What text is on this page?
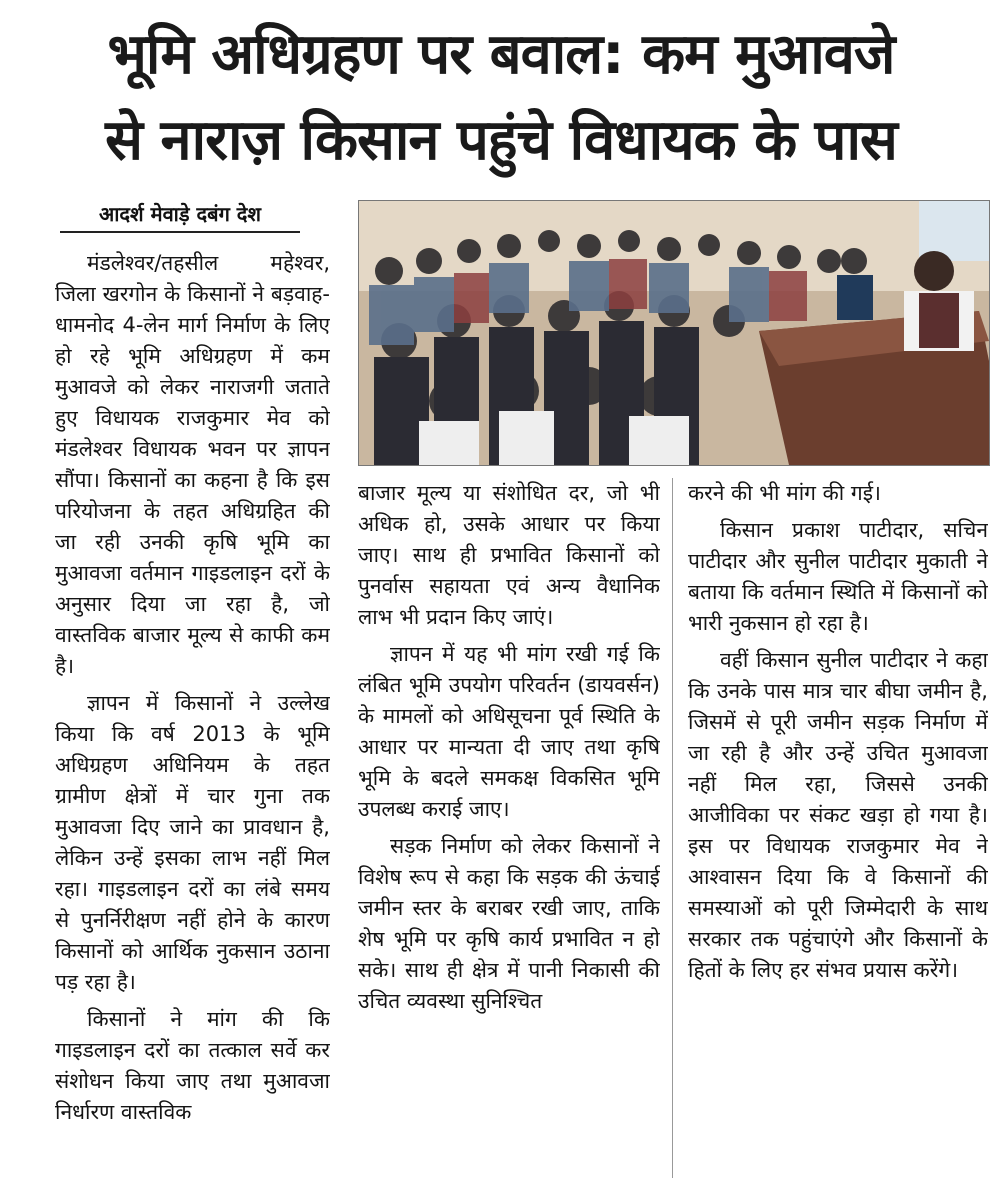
भूमि अधिग्रहण पर बवाल: कम मुआवजे
से नाराज़ किसान पहुंचे विधायक के पास
आदर्श मेवाड़े दबंग देश

मंडलेश्वर/तहसील महेश्वर, जिला खरगोन के किसानों ने बड़वाह-धामनोद 4-लेन मार्ग निर्माण के लिए हो रहे भूमि अधिग्रहण में कम मुआवजे को लेकर नाराजगी जताते हुए विधायक राजकुमार मेव को मंडलेश्वर विधायक भवन पर ज्ञापन सौंपा। किसानों का कहना है कि इस परियोजना के तहत अधिग्रहित की जा रही उनकी कृषि भूमि का मुआवजा वर्तमान गाइडलाइन दरों के अनुसार दिया जा रहा है, जो वास्तविक बाजार मूल्य से काफी कम है।

ज्ञापन में किसानों ने उल्लेख किया कि वर्ष 2013 के भूमि अधिग्रहण अधिनियम के तहत ग्रामीण क्षेत्रों में चार गुना तक मुआवजा दिए जाने का प्रावधान है, लेकिन उन्हें इसका लाभ नहीं मिल रहा। गाइडलाइन दरों का लंबे समय से पुनर्निरीक्षण नहीं होने के कारण किसानों को आर्थिक नुकसान उठाना पड़ रहा है।

किसानों ने मांग की कि गाइडलाइन दरों का तत्काल सर्वे कर संशोधन किया जाए तथा मुआवजा निर्धारण वास्तविक

बाजार मूल्य या संशोधित दर, जो भी अधिक हो, उसके आधार पर किया जाए। साथ ही प्रभावित किसानों को पुनर्वास सहायता एवं अन्य वैधानिक लाभ भी प्रदान किए जाएं।

ज्ञापन में यह भी मांग रखी गई कि लंबित भूमि उपयोग परिवर्तन (डायवर्सन) के मामलों को अधिसूचना पूर्व स्थिति के आधार पर मान्यता दी जाए तथा कृषि भूमि के बदले समकक्ष विकसित भूमि उपलब्ध कराई जाए।

सड़क निर्माण को लेकर किसानों ने विशेष रूप से कहा कि सड़क की ऊंचाई जमीन स्तर के बराबर रखी जाए, ताकि शेष भूमि पर कृषि कार्य प्रभावित न हो सके। साथ ही क्षेत्र में पानी निकासी की उचित व्यवस्था सुनिश्चित

करने की भी मांग की गई।

किसान प्रकाश पाटीदार, सचिन पाटीदार और सुनील पाटीदार मुकाती ने बताया कि वर्तमान स्थिति में किसानों को भारी नुकसान हो रहा है।

वहीं किसान सुनील पाटीदार ने कहा कि उनके पास मात्र चार बीघा जमीन है, जिसमें से पूरी जमीन सड़क निर्माण में जा रही है और उन्हें उचित मुआवजा नहीं मिल रहा, जिससे उनकी आजीविका पर संकट खड़ा हो गया है।इस पर विधायक राजकुमार मेव ने आश्वासन दिया कि वे किसानों की समस्याओं को पूरी जिम्मेदारी के साथ सरकार तक पहुंचाएंगे और किसानों के हितों के लिए हर संभव प्रयास करेंगे।
